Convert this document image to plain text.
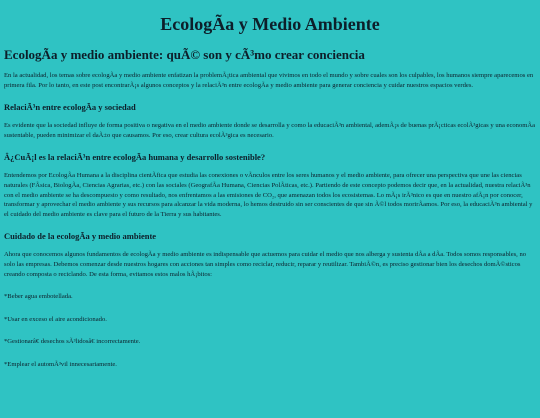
EcologÃa y Medio Ambiente
EcologÃa y medio ambiente: quÃ© son y cÃ³mo crear conciencia

En la actualidad, los temas sobre ecologÃa y medio ambiente enfatizan la problemÃ¡tica ambiental que vivimos en todo el mundo y sobre cuales son los culpables, los humanos siempre aparecemos en primera fila. Por lo tanto, en este post encontrarÃ¡s algunos conceptos y la relaciÃ³n entre ecologÃa y medio ambiente para generar conciencia y cuidar nuestros espacios verdes.

RelaciÃ³n entre ecologÃa y sociedad

Es evidente que la sociedad influye de forma positiva o negativa en el medio ambiente donde se desarrolla y como la educaciÃ³n ambiental, ademÃ¡s de buenas prÃ¡cticas ecolÃ³gicas y una economÃa sustentable, pueden minimizar el daÃ±o que causamos. Por eso, crear cultura ecolÃ³gica es necesario.

Â¿CuÃ¡l es la relaciÃ³n entre ecologÃa humana y desarrollo sostenible?

Entendemos por EcologÃa Humana a la disciplina cientÃfica que estudia las conexiones o vÃnculos entre los seres humanos y el medio ambiente, para ofrecer una perspectiva que une las ciencias naturales (FÃsica, BiologÃa, Ciencias Agrarias, etc.) con las sociales (GeografÃa Humana, Ciencias PolÃticas, etc.). Partiendo de este concepto podemos decir que, en la actualidad, nuestra relaciÃ³n con el medio ambiente se ha descompuesto y como resultado, nos enfrentamos a las emisiones de CO₂, que amenazan todos los ecosistemas. Lo mÃ¡s irÃ³nico es que en nuestro afÃ¡n por conocer, transformar y aprovechar el medio ambiente y sus recursos para alcanzar la vida moderna, lo hemos destruido sin ser conscientes de que sin Ã©l todos morirÃamos. Por eso, la educaciÃ³n ambiental y el cuidado del medio ambiente es clave para el futuro de la Tierra y sus habitantes.

Cuidado de la ecologÃa y medio ambiente

Ahora que conocemos algunos fundamentos de ecologÃa y medio ambiente es indispensable que actuemos para cuidar el medio que nos alberga y sustenta dÃa a dÃa. Todos somos responsables, no solo las empresas. Debemos comenzar desde nuestros hogares con acciones tan simples como reciclar, reducir, reparar y reutilizar. TambiÃ©n, es preciso gestionar bien los desechos domÃ©sticos creando composta o reciclando. De esta forma, evitamos estos malos hÃ¡bitos:

*Beber agua embotellada.

*Usar en exceso el aire acondicionado.

*Gestionarâ€ desechos sÃ³lidosâ€ incorrectamente.

*Emplear el automÃ³vil innecesariamente.
